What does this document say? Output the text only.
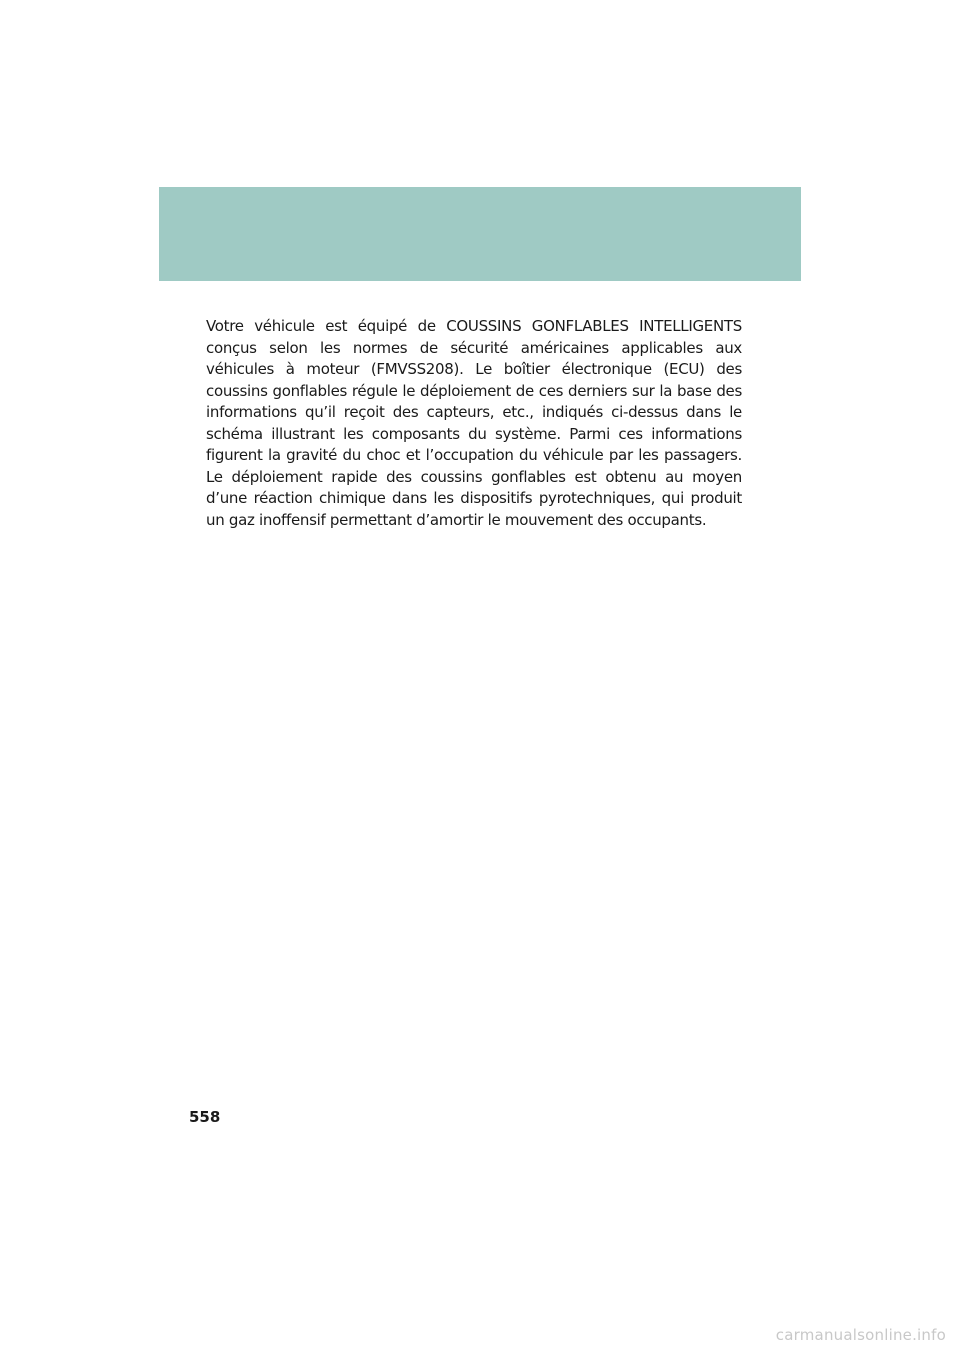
Votre véhicule est équipé de COUSSINS GONFLABLES INTELLIGENTS conçus selon les normes de sécurité américaines applicables aux véhicules à moteur (FMVSS208). Le boîtier électronique (ECU) des coussins gonflables régule le déploiement de ces derniers sur la base des informations qu’il reçoit des capteurs, etc., indiqués ci-dessus dans le schéma illustrant les composants du système. Parmi ces informations figurent la gravité du choc et l’occupation du véhicule par les passagers. Le déploiement rapide des coussins gonflables est obtenu au moyen d’une réaction chimique dans les dispositifs pyrotechniques, qui produit un gaz inoffensif permettant d’amortir le mouvement des occupants.

558
carmanualsonline.info
